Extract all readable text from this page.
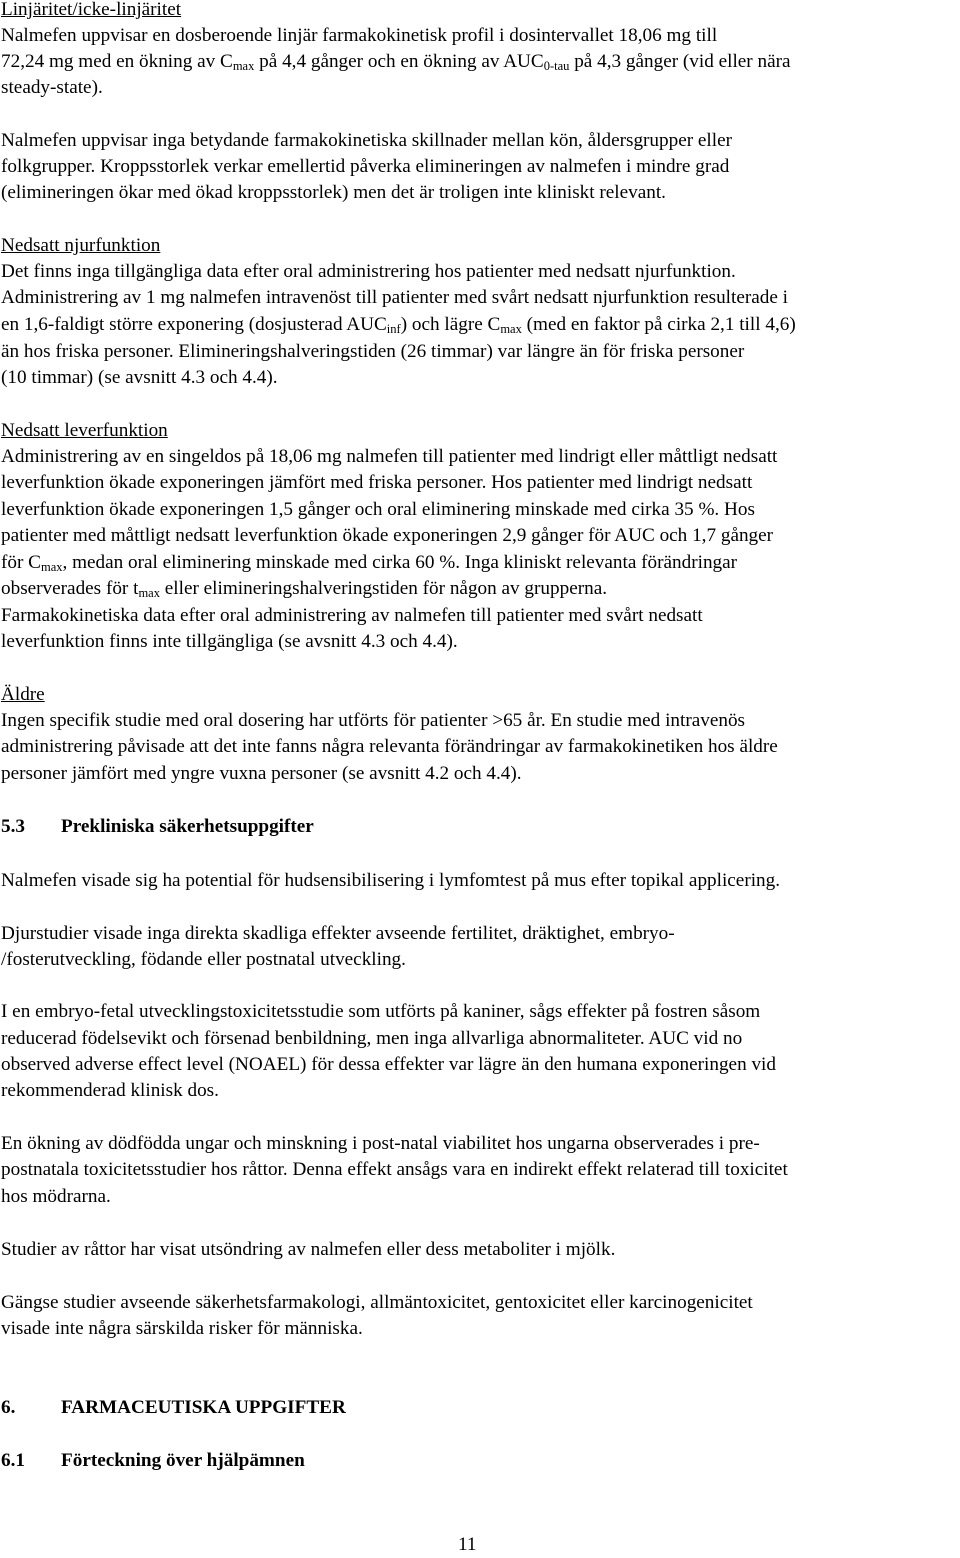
Linjäritet/icke-linjäritet
Nalmefen uppvisar en dosberoende linjär farmakokinetisk profil i dosintervallet 18,06 mg till
72,24 mg med en ökning av $C_{max}$ på 4,4 gånger och en ökning av $AUC_{0-tau}$ på 4,3 gånger (vid eller nära
steady-state).
Nalmefen uppvisar inga betydande farmakokinetiska skillnader mellan kön, åldersgrupper eller
folkgrupper. Kroppsstorlek verkar emellertid påverka elimineringen av nalmefen i mindre grad
(elimineringen ökar med ökad kroppsstorlek) men det är troligen inte kliniskt relevant.
Nedsatt njurfunktion
Det finns inga tillgängliga data efter oral administrering hos patienter med nedsatt njurfunktion.
Administrering av 1 mg nalmefen intravenöst till patienter med svårt nedsatt njurfunktion resulterade i
en 1,6-faldigt större exponering (dosjusterad $AUC_{inf}$) och lägre $C_{max}$ (med en faktor på cirka 2,1 till 4,6)
än hos friska personer. Elimineringshalveringstiden (26 timmar) var längre än för friska personer
(10 timmar) (se avsnitt 4.3 och 4.4).
Nedsatt leverfunktion
Administrering av en singeldos på 18,06 mg nalmefen till patienter med lindrigt eller måttligt nedsatt
leverfunktion ökade exponeringen jämfört med friska personer. Hos patienter med lindrigt nedsatt
leverfunktion ökade exponeringen 1,5 gånger och oral eliminering minskade med cirka 35 %. Hos
patienter med måttligt nedsatt leverfunktion ökade exponeringen 2,9 gånger för AUC och 1,7 gånger
för $C_{max}$, medan oral eliminering minskade med cirka 60 %. Inga kliniskt relevanta förändringar
observerades för $t_{max}$ eller elimineringshalveringstiden för någon av grupperna.
Farmakokinetiska data efter oral administrering av nalmefen till patienter med svårt nedsatt
leverfunktion finns inte tillgängliga (se avsnitt 4.3 och 4.4).
Äldre
Ingen specifik studie med oral dosering har utförts för patienter >65 år. En studie med intravenös
administrering påvisade att det inte fanns några relevanta förändringar av farmakokinetiken hos äldre
personer jämfört med yngre vuxna personer (se avsnitt 4.2 och 4.4).
5.3 Prekliniska säkerhetsuppgifter
Nalmefen visade sig ha potential för hudsensibilisering i lymfomtest på mus efter topikal applicering.
Djurstudier visade inga direkta skadliga effekter avseende fertilitet, dräktighet, embryo-
/fosterutveckling, födande eller postnatal utveckling.
I en embryo-fetal utvecklingstoxicitetsstudie som utförts på kaniner, sågs effekter på fostren såsom
reducerad födelsevikt och försenad benbildning, men inga allvarliga abnormaliteter. AUC vid no
observed adverse effect level (NOAEL) för dessa effekter var lägre än den humana exponeringen vid
rekommenderad klinisk dos.
En ökning av dödfödda ungar och minskning i post-natal viabilitet hos ungarna observerades i pre-
postnatala toxicitetsstudier hos råttor. Denna effekt ansågs vara en indirekt effekt relaterad till toxicitet
hos mödrarna.
Studier av råttor har visat utsöndring av nalmefen eller dess metaboliter i mjölk.
Gängse studier avseende säkerhetsfarmakologi, allmäntoxicitet, gentoxicitet eller karcinogenicitet
visade inte några särskilda risker för människa.
6. FARMACEUTISKA UPPGIFTER
6.1 Förteckning över hjälpämnen
11
